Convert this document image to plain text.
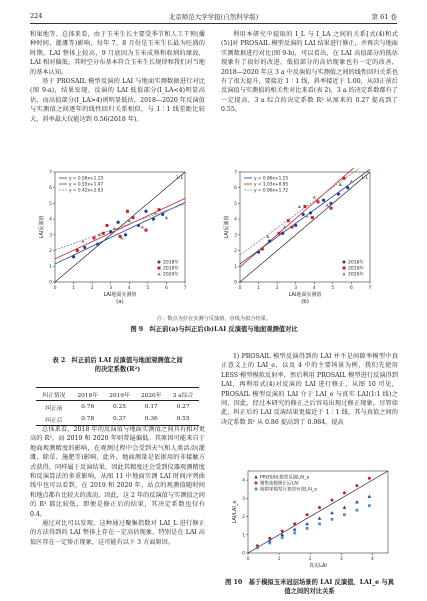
224	北京师范大学学报(自然科学版)	第 61 卷

和果地等、总体来看，由于玉米生长主要受季节和人工干预(播种时间、灌溉等)影响，每年 7、8 月份是玉米生长最为旺盛的时期，LAI 整体上较高，9 月底因为玉米成熟和收割的缘故，LAI 相对偏低，其时空分布基本符合玉米生长规律和我们对当地的基本认知。

基于 PROSAIL 模型反演的 LAI 与地面实测数据进行对比(图 9-a)，结果发现，反演的 LAI 低值部分(I_LA<4)明显高估，而高值部分(I_LA>4)则明显低估，2018—2020 年反演值与实测值之间逐年的线性回归关系相似，与 1∶1 线差距比较大，斜率最大仅能达到 0.56(2018 年)。

利用本研究中提取的 I_L 与 I_LA 之间的关系[式(4)和式(5)]对 PROSAIL 模型反演的 LAI 结果进行修正，并再次与地面实测数据进行对比(图 9-b)，可以看出，在 LAI 高值部分的低估现象有了很好的改进，低值部分的高估现象也有一定的改善，2018—2020 年这 3 a 中反演值与实测值之间的线性回归关系也有了很大提升，要接近 1∶1 线，斜率接近于 1.00，从回正前后反演值与实测值的相关性对比来看(表 2)，3 a 的决定系数都有了一定提高，3 a 综合的决定系数 R² 从原来的 0.27 提高到了 0.55。

0
0
1
1
2
2
3
3
4
4
5
5
6
6
7
7
1:1
LAI地面实测值
LAI反演值
y = 0.56x+1.15
y = 0.55x+1.47
y = 0.42x+2.03
2018年
2019年
2020年
(a)
0
0
1
1
2
2
3
3
4
4
5
5
6
6
7
7
1:1
LAI地面实测值
LAI反演值
y = 0.86x+1.15
y = 1.03x+0.95
y = 0.86x+1.72
2018年
2019年
2020年
(b)
注：数点为拉在实测与反演值，直线为拟合结果。
图 9　纠正前(a)与纠正后(b)LAI 反演值与地面观测值对比
表 2　纠正前后 LAI 反演值与地面观测值之间
的决定系数(R²)
纠正情况	2018年	2019年	2020年	3 a综合
纠正前	0.76	0.25	0.17	0.27
纠正后	0.78	0.37	0.36	0.55

总体来看，2018 年的反演值与地面实测值之间具有相对更高的 R²，而 2019 和 2020 年则普遍偏低。其原因可能来自于地面观测精度的影响，在观测过程中会受到天气和人类活动(灌溉、除草、施肥等)影响，此外，地面测量是依据用的非接触方式获得，同样属于反演结果，因此其精度还会受到仪器观测精度和反演算法的多重影响，从图 11 中地面实测 LAI 时间序列曲线中也可以看到，在 2019 和 2020 年，站点的观测值随时间和地点都有比较大的波动，因此，这 2 年的反演值与实测值之间的 R² 都比较低，即便是修正后的结果，其决定系数也仅有 0.4。

通过对比可以发现，这种通过聚集指数对 LAI_L 进行修正的方法得到的 LAI 整体上存在一定高估现象，特别是在 LAI 高值区存在一定矫正现象，这可能有以下 3 方面原因。

1) PROSAIL 模型反演得到的 LAI 并不是间隙率模型中真正意义上的 LAI_e，以及 4 中的主要场景为例，我们先使用 LESS 模型模拟反射率，然后利用 PROSAIL 模型进行反演得到 LAI，再利用式(4)对反演的 LAI 进行修正，从图 10 可见，PROSAIL 模型反演的 LAI 介于 LAI_e 与真实 LAI(1∶1 线)之间，因此，经过本研究的修正之后容易出现过修正现象，尽管如此，纠正后的 LAI 反演结果更接近于 1∶1 线，其与真值之间的决定系数 R² 从 0.86 提高到了 0.984，提高

0
0
1
1
2
2
3
3
4
4
PROSAIL模型反演LAI_e
聚集指数修正后LAI
间隙率模型计算的有效LAI_e
真实LAI
LAI/LAI_e
图 10　基于模拟玉米冠层场景的 LAI 反演值、LAI_e 与真
值之间的对比关系
